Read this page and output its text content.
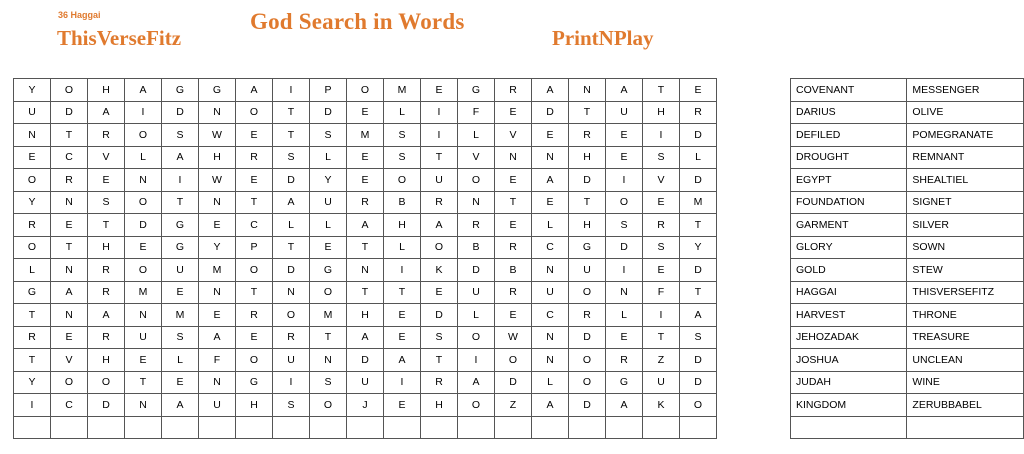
36 Haggai
ThisVerseFitz
God Search in Words
PrintNPlay
Y	O	H	A	G	G	A	I	P	O	M	E	G	R	A	N	A	T	E
U	D	A	I	D	N	O	T	D	E	L	I	F	E	D	T	U	H	R
N	T	R	O	S	W	E	T	S	M	S	I	L	V	E	R	E	I	D
E	C	V	L	A	H	R	S	L	E	S	T	V	N	N	H	E	S	L
O	R	E	N	I	W	E	D	Y	E	O	U	O	E	A	D	I	V	D
Y	N	S	O	T	N	T	A	U	R	B	R	N	T	E	T	O	E	M
R	E	T	D	G	E	C	L	L	A	H	A	R	E	L	H	S	R	T
O	T	H	E	G	Y	P	T	E	T	L	O	B	R	C	G	D	S	Y
L	N	R	O	U	M	O	D	G	N	I	K	D	B	N	U	I	E	D
G	A	R	M	E	N	T	N	O	T	T	E	U	R	U	O	N	F	T
T	N	A	N	M	E	R	O	M	H	E	D	L	E	C	R	L	I	A
R	E	R	U	S	A	E	R	T	A	E	S	O	W	N	D	E	T	S
T	V	H	E	L	F	O	U	N	D	A	T	I	O	N	O	R	Z	D
Y	O	O	T	E	N	G	I	S	U	I	R	A	D	L	O	G	U	D
I	C	D	N	A	U	H	S	O	J	E	H	O	Z	A	D	A	K	O

COVENANT	MESSENGER
DARIUS	OLIVE
DEFILED	POMEGRANATE
DROUGHT	REMNANT
EGYPT	SHEALTIEL
FOUNDATION	SIGNET
GARMENT	SILVER
GLORY	SOWN
GOLD	STEW
HAGGAI	THISVERSEFITZ
HARVEST	THRONE
JEHOZADAK	TREASURE
JOSHUA	UNCLEAN
JUDAH	WINE
KINGDOM	ZERUBBABEL
